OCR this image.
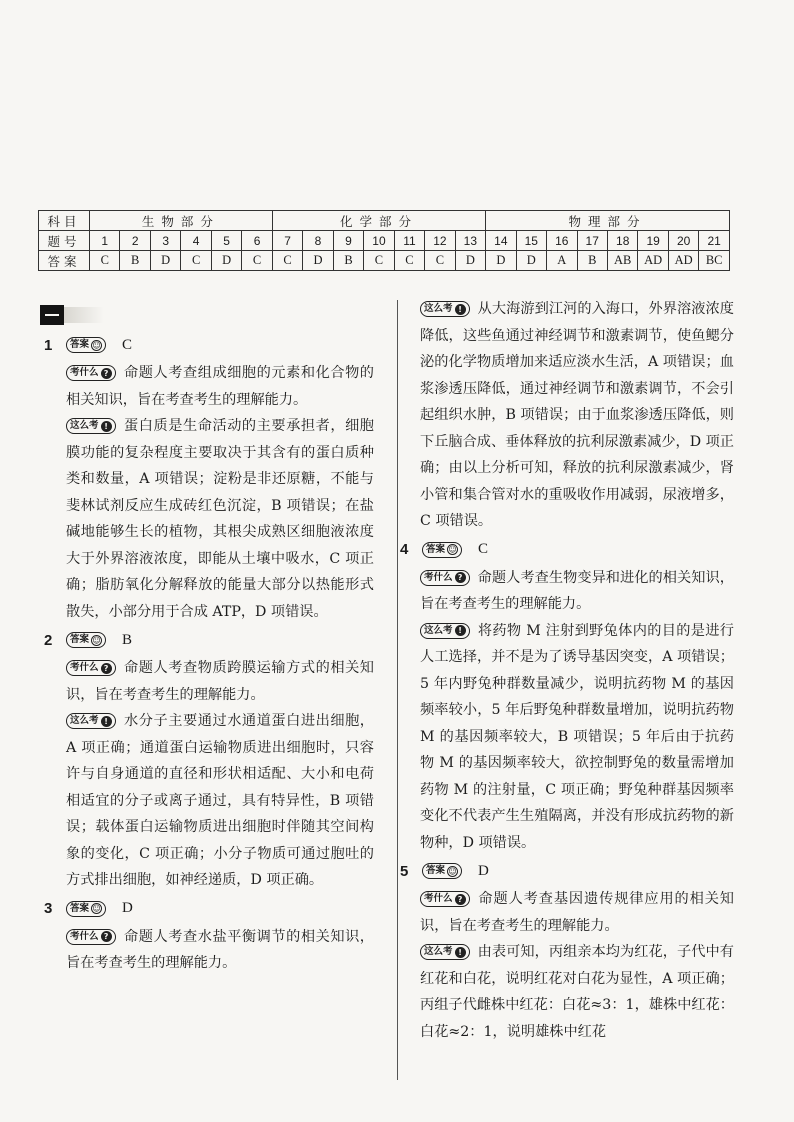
科目	生物部分						化学部分							物理部分							
题号	1	2	3	4	5	6	7	8	9	10	11	12	13	14	15	16	17	18	19	20	21
答案	C	B	D	C	D	C	C	D	B	C	C	C	D	D	D	A	B	AB	AD	AD	BC
1	答案 ☺ C
考什么 ? 命题人考查组成细胞的元素和化合物的相关知识，旨在考查考生的理解能力。
这么考 ! 蛋白质是生命活动的主要承担者，细胞膜功能的复杂程度主要取决于其含有的蛋白质种类和数量，A 项错误；淀粉是非还原糖，不能与斐林试剂反应生成砖红色沉淀，B 项错误；在盐碱地能够生长的植物，其根尖成熟区细胞液浓度大于外界溶液浓度，即能从土壤中吸水，C 项正确；脂肪氧化分解释放的能量大部分以热能形式散失，小部分用于合成 ATP，D 项错误。
2	答案 ☺ B
考什么 ? 命题人考查物质跨膜运输方式的相关知识，旨在考查考生的理解能力。
这么考 ! 水分子主要通过水通道蛋白进出细胞，A 项正确；通道蛋白运输物质进出细胞时，只容许与自身通道的直径和形状相适配、大小和电荷相适宜的分子或离子通过，具有特异性，B 项错误；载体蛋白运输物质进出细胞时伴随其空间构象的变化，C 项正确；小分子物质可通过胞吐的方式排出细胞，如神经递质，D 项正确。
3	答案 ☺ D
考什么 ? 命题人考查水盐平衡调节的相关知识，旨在考查考生的理解能力。
这么考 ! 从大海游到江河的入海口，外界溶液浓度降低，这些鱼通过神经调节和激素调节，使鱼鳃分泌的化学物质增加来适应淡水生活，A 项错误；血浆渗透压降低，通过神经调节和激素调节，不会引起组织水肿，B 项错误；由于血浆渗透压降低，则下丘脑合成、垂体释放的抗利尿激素减少，D 项正确；由以上分析可知，释放的抗利尿激素减少，肾小管和集合管对水的重吸收作用减弱，尿液增多，C 项错误。
4	答案 ☺ C
考什么 ? 命题人考查生物变异和进化的相关知识，旨在考查考生的理解能力。
这么考 ! 将药物 M 注射到野兔体内的目的是进行人工选择，并不是为了诱导基因突变，A 项错误；5 年内野兔种群数量减少，说明抗药物 M 的基因频率较小，5 年后野兔种群数量增加，说明抗药物 M 的基因频率较大，B 项错误；5 年后由于抗药物 M 的基因频率较大，欲控制野兔的数量需增加药物 M 的注射量，C 项正确；野兔种群基因频率变化不代表产生生殖隔离，并没有形成抗药物的新物种，D 项错误。
5	答案 ☺ D
考什么 ? 命题人考查基因遗传规律应用的相关知识，旨在考查考生的理解能力。
这么考 ! 由表可知，丙组亲本均为红花，子代中有红花和白花，说明红花对白花为显性，A 项正确；丙组子代雌株中红花：白花≈3：1，雄株中红花：白花≈2：1，说明雄株中红花
